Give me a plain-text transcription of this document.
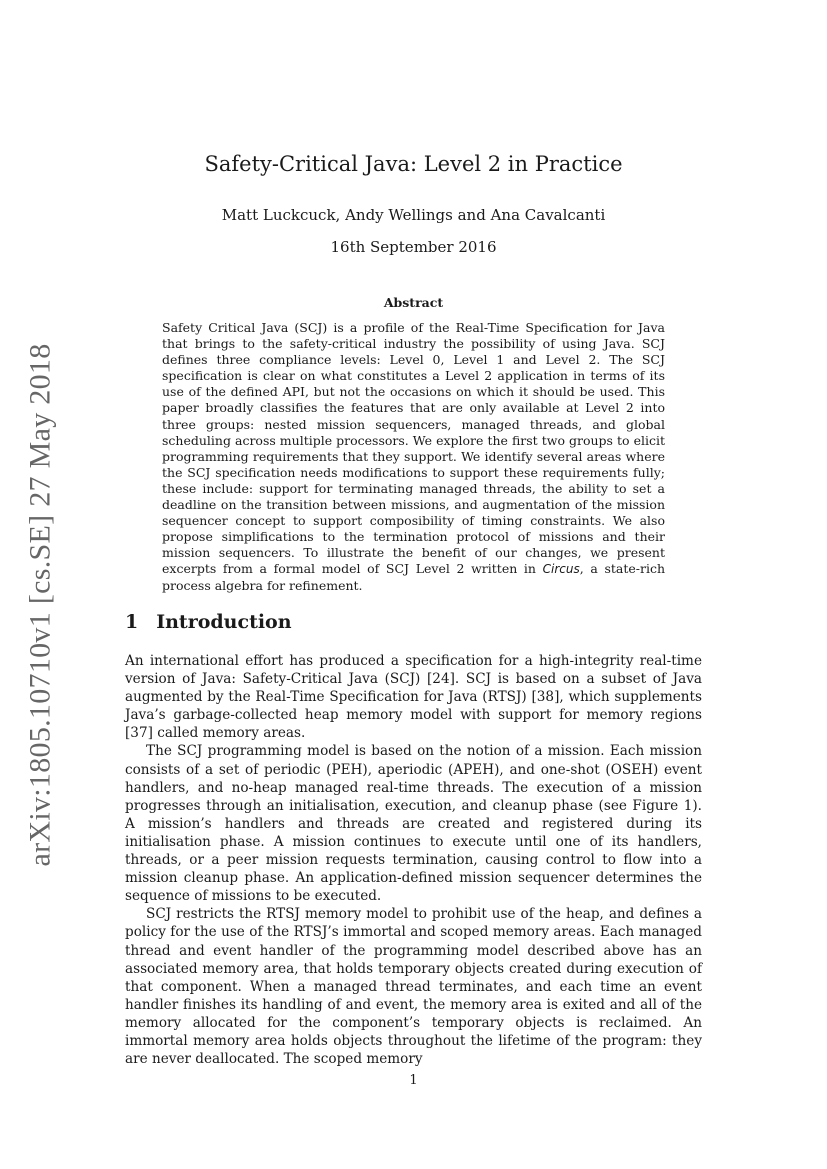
arXiv:1805.10710v1 [cs.SE] 27 May 2018
Safety-Critical Java: Level 2 in Practice
Matt Luckcuck, Andy Wellings and Ana Cavalcanti
16th September 2016
Abstract

Safety Critical Java (SCJ) is a profile of the Real-Time Specification for Java that brings to the safety-critical industry the possibility of using Java. SCJ defines three compliance levels: Level 0, Level 1 and Level 2. The SCJ specification is clear on what constitutes a Level 2 application in terms of its use of the defined API, but not the occasions on which it should be used. This paper broadly classifies the features that are only available at Level 2 into three groups: nested mission sequencers, managed threads, and global scheduling across multiple processors. We explore the first two groups to elicit programming requirements that they support. We identify several areas where the SCJ specification needs modifications to support these requirements fully; these include: support for terminating managed threads, the ability to set a deadline on the transition between missions, and augmentation of the mission sequencer concept to support composibility of timing constraints. We also propose simplifications to the termination protocol of missions and their mission sequencers. To illustrate the benefit of our changes, we present excerpts from a formal model of SCJ Level 2 written in Circus, a state-rich process algebra for refinement.

1 Introduction

An international effort has produced a specification for a high-integrity real-time version of Java: Safety-Critical Java (SCJ) [24]. SCJ is based on a subset of Java augmented by the Real-Time Specification for Java (RTSJ) [38], which supplements Java’s garbage-collected heap memory model with support for memory regions [37] called memory areas.

The SCJ programming model is based on the notion of a mission. Each mission consists of a set of periodic (PEH), aperiodic (APEH), and one-shot (OSEH) event handlers, and no-heap managed real-time threads. The execution of a mission progresses through an initialisation, execution, and cleanup phase (see Figure 1). A mission’s handlers and threads are created and registered during its initialisation phase. A mission continues to execute until one of its handlers, threads, or a peer mission requests termination, causing control to flow into a mission cleanup phase. An application-defined mission sequencer determines the sequence of missions to be executed.

SCJ restricts the RTSJ memory model to prohibit use of the heap, and defines a policy for the use of the RTSJ’s immortal and scoped memory areas. Each managed thread and event handler of the programming model described above has an associated memory area, that holds temporary objects created during execution of that component. When a managed thread terminates, and each time an event handler finishes its handling of and event, the memory area is exited and all of the memory allocated for the component’s temporary objects is reclaimed. An immortal memory area holds objects throughout the lifetime of the program: they are never deallocated. The scoped memory

1
